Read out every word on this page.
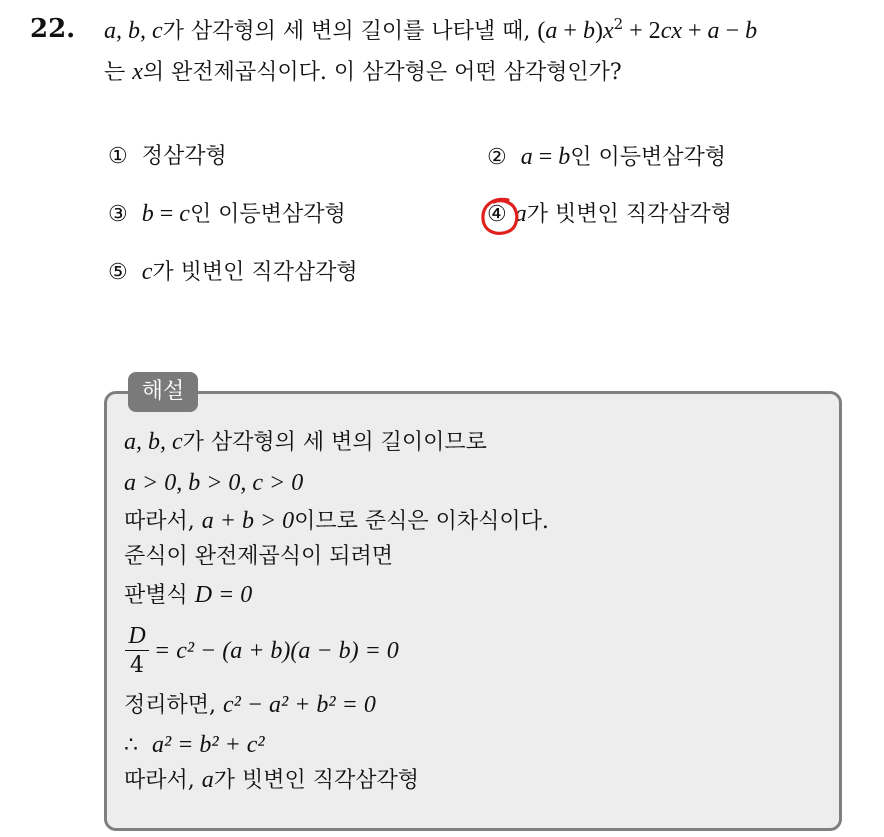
22. a, b, c가 삼각형의 세 변의 길이를 나타낼 때, $(a + b)x^2 + 2cx + a - b$
는 x의 완전제곱식이다. 이 삼각형은 어떤 삼각형인가?
① 정삼각형	② a = b인 이등변삼각형
③ b = c인 이등변삼각형	④ a가 빗변인 직각삼각형
⑤ c가 빗변인 직각삼각형
해설
a, b, c가 삼각형의 세 변의 길이이므로
a > 0, b > 0, c > 0
따라서, a + b > 0이므로 준식은 이차식이다.
준식이 완전제곱식이 되려면
판별식 D = 0
D
4
= c² − (a + b)(a − b) = 0
정리하면, c² − a² + b² = 0
∴ a² = b² + c²
따라서, a가 빗변인 직각삼각형
